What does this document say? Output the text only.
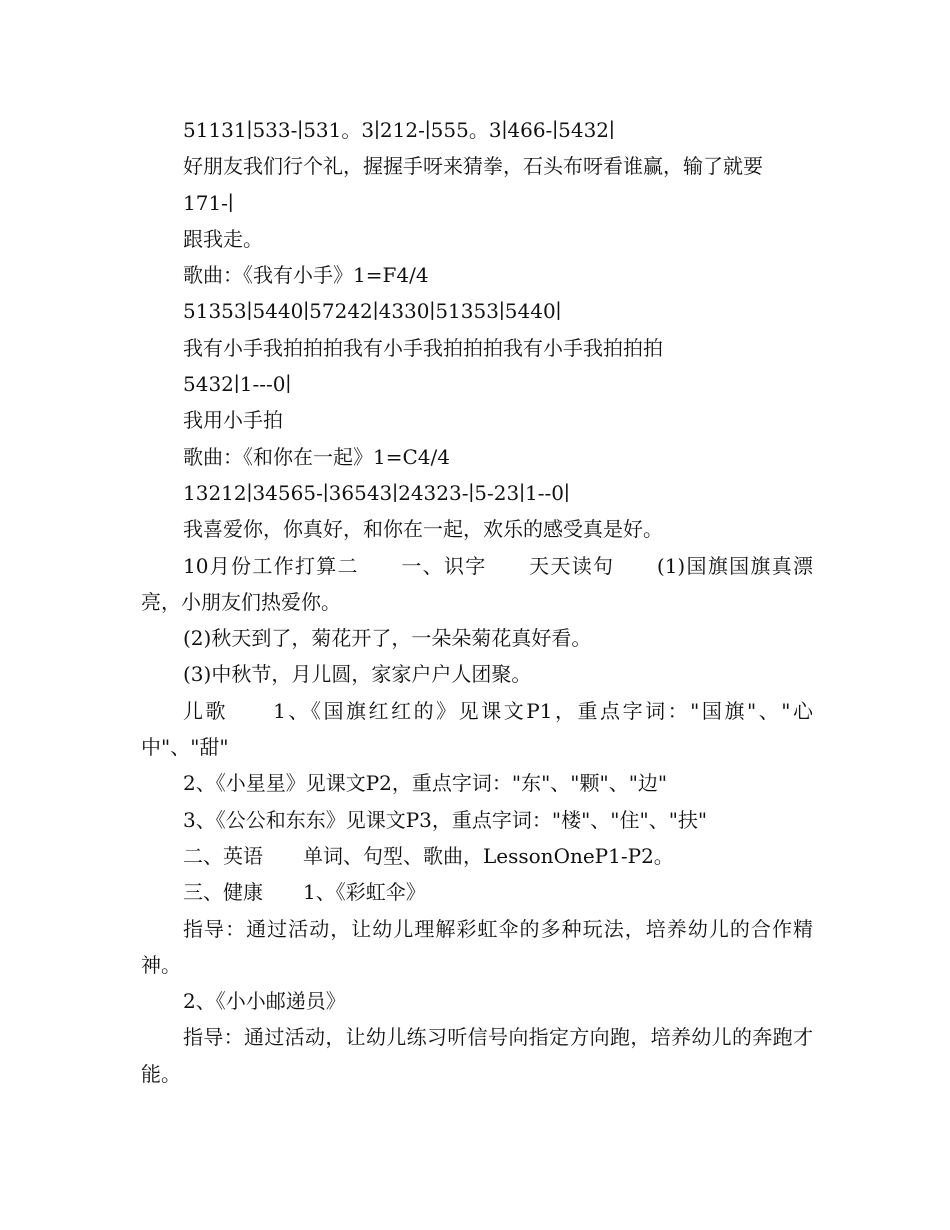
51131∣533-∣531。3∣212-∣555。3∣466-∣5432∣

好朋友我们行个礼，握握手呀来猜拳，石头布呀看谁赢，输了就要

171-∣

跟我走。

歌曲：《我有小手》1=F4/4

51353∣5440∣57242∣4330∣51353∣5440∣

我有小手我拍拍拍我有小手我拍拍拍我有小手我拍拍拍

5432∣1---0∣

我用小手拍

歌曲：《和你在一起》1=C4/4

13212∣34565-∣36543∣24323-∣5-23∣1--0∣

我喜爱你，你真好，和你在一起，欢乐的感受真是好。

10月份工作打算二　　一、识字　　天天读句　　(1)国旗国旗真漂亮，小朋友们热爱你。

(2)秋天到了，菊花开了，一朵朵菊花真好看。

(3)中秋节，月儿圆，家家户户人团聚。

儿歌　　1、《国旗红红的》见课文P1，重点字词："国旗"、"心中"、"甜"

2、《小星星》见课文P2，重点字词："东"、"颗"、"边"

3、《公公和东东》见课文P3，重点字词："楼"、"住"、"扶"

二、英语　　单词、句型、歌曲，LessonOneP1-P2。

三、健康　　1、《彩虹伞》

指导：通过活动，让幼儿理解彩虹伞的多种玩法，培养幼儿的合作精神。

2、《小小邮递员》

指导：通过活动，让幼儿练习听信号向指定方向跑，培养幼儿的奔跑才能。
